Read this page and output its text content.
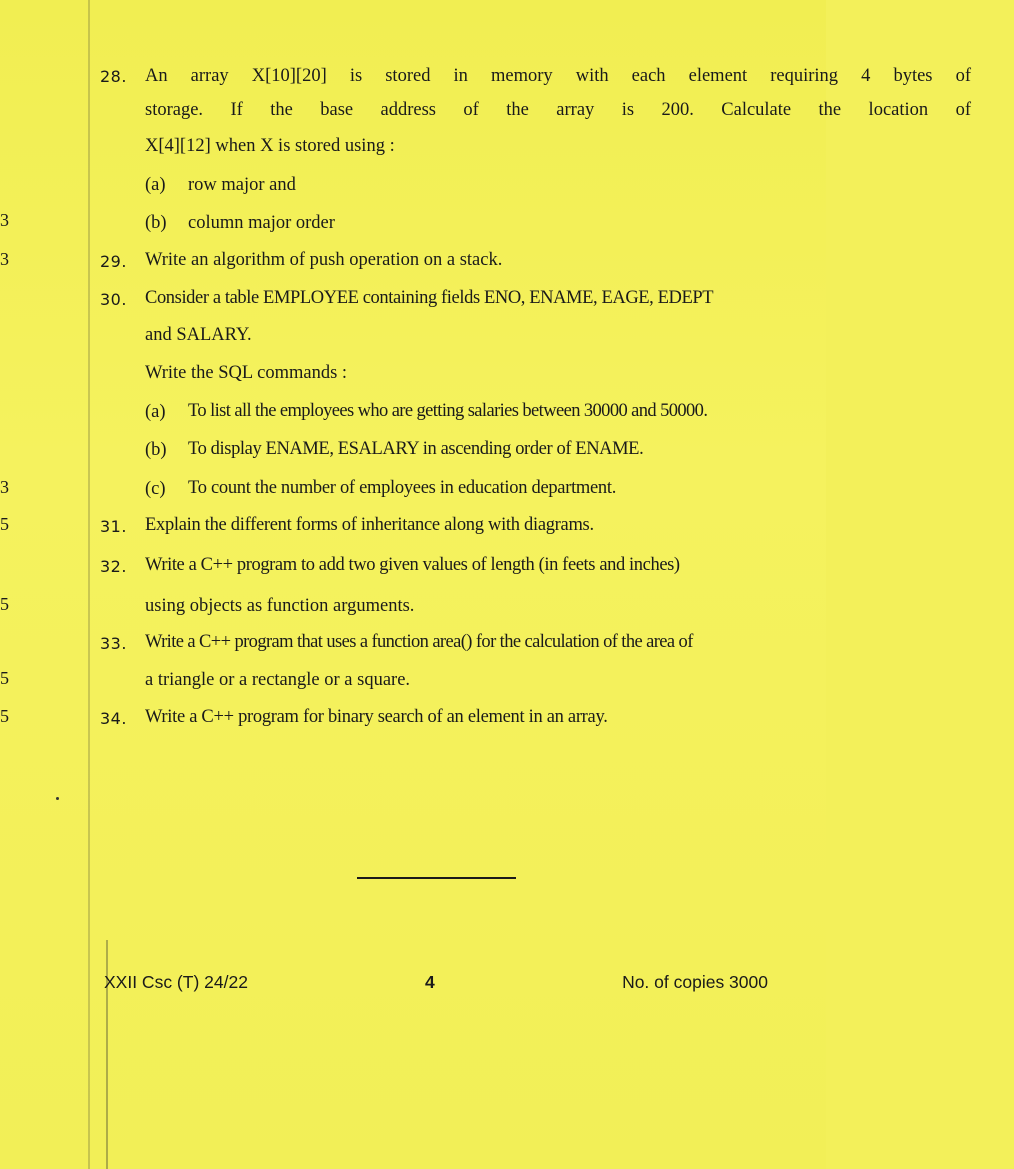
28. An array X[10][20] is stored in memory with each element requiring 4 bytes of
storage. If the base address of the array is 200. Calculate the location of
X[4][12] when X is stored using :
(a)	row major and
(b)	column major order
3
29. Write an algorithm of push operation on a stack.
3
30. Consider a table EMPLOYEE containing fields ENO, ENAME, EAGE, EDEPT
and SALARY.
Write the SQL commands :
(a)	To list all the employees who are getting salaries between 30000 and 50000.
(b)	To display ENAME, ESALARY in ascending order of ENAME.
(c)	To count the number of employees in education department.
3
31. Explain the different forms of inheritance along with diagrams.
5
32. Write a C++ program to add two given values of length (in feets and inches)
using objects as function arguments.
5
33. Write a C++ program that uses a function area() for the calculation of the area of
a triangle or a rectangle or a square.
5
34. Write a C++ program for binary search of an element in an array.
5
XXII Csc (T) 24/22	4	No. of copies 3000
